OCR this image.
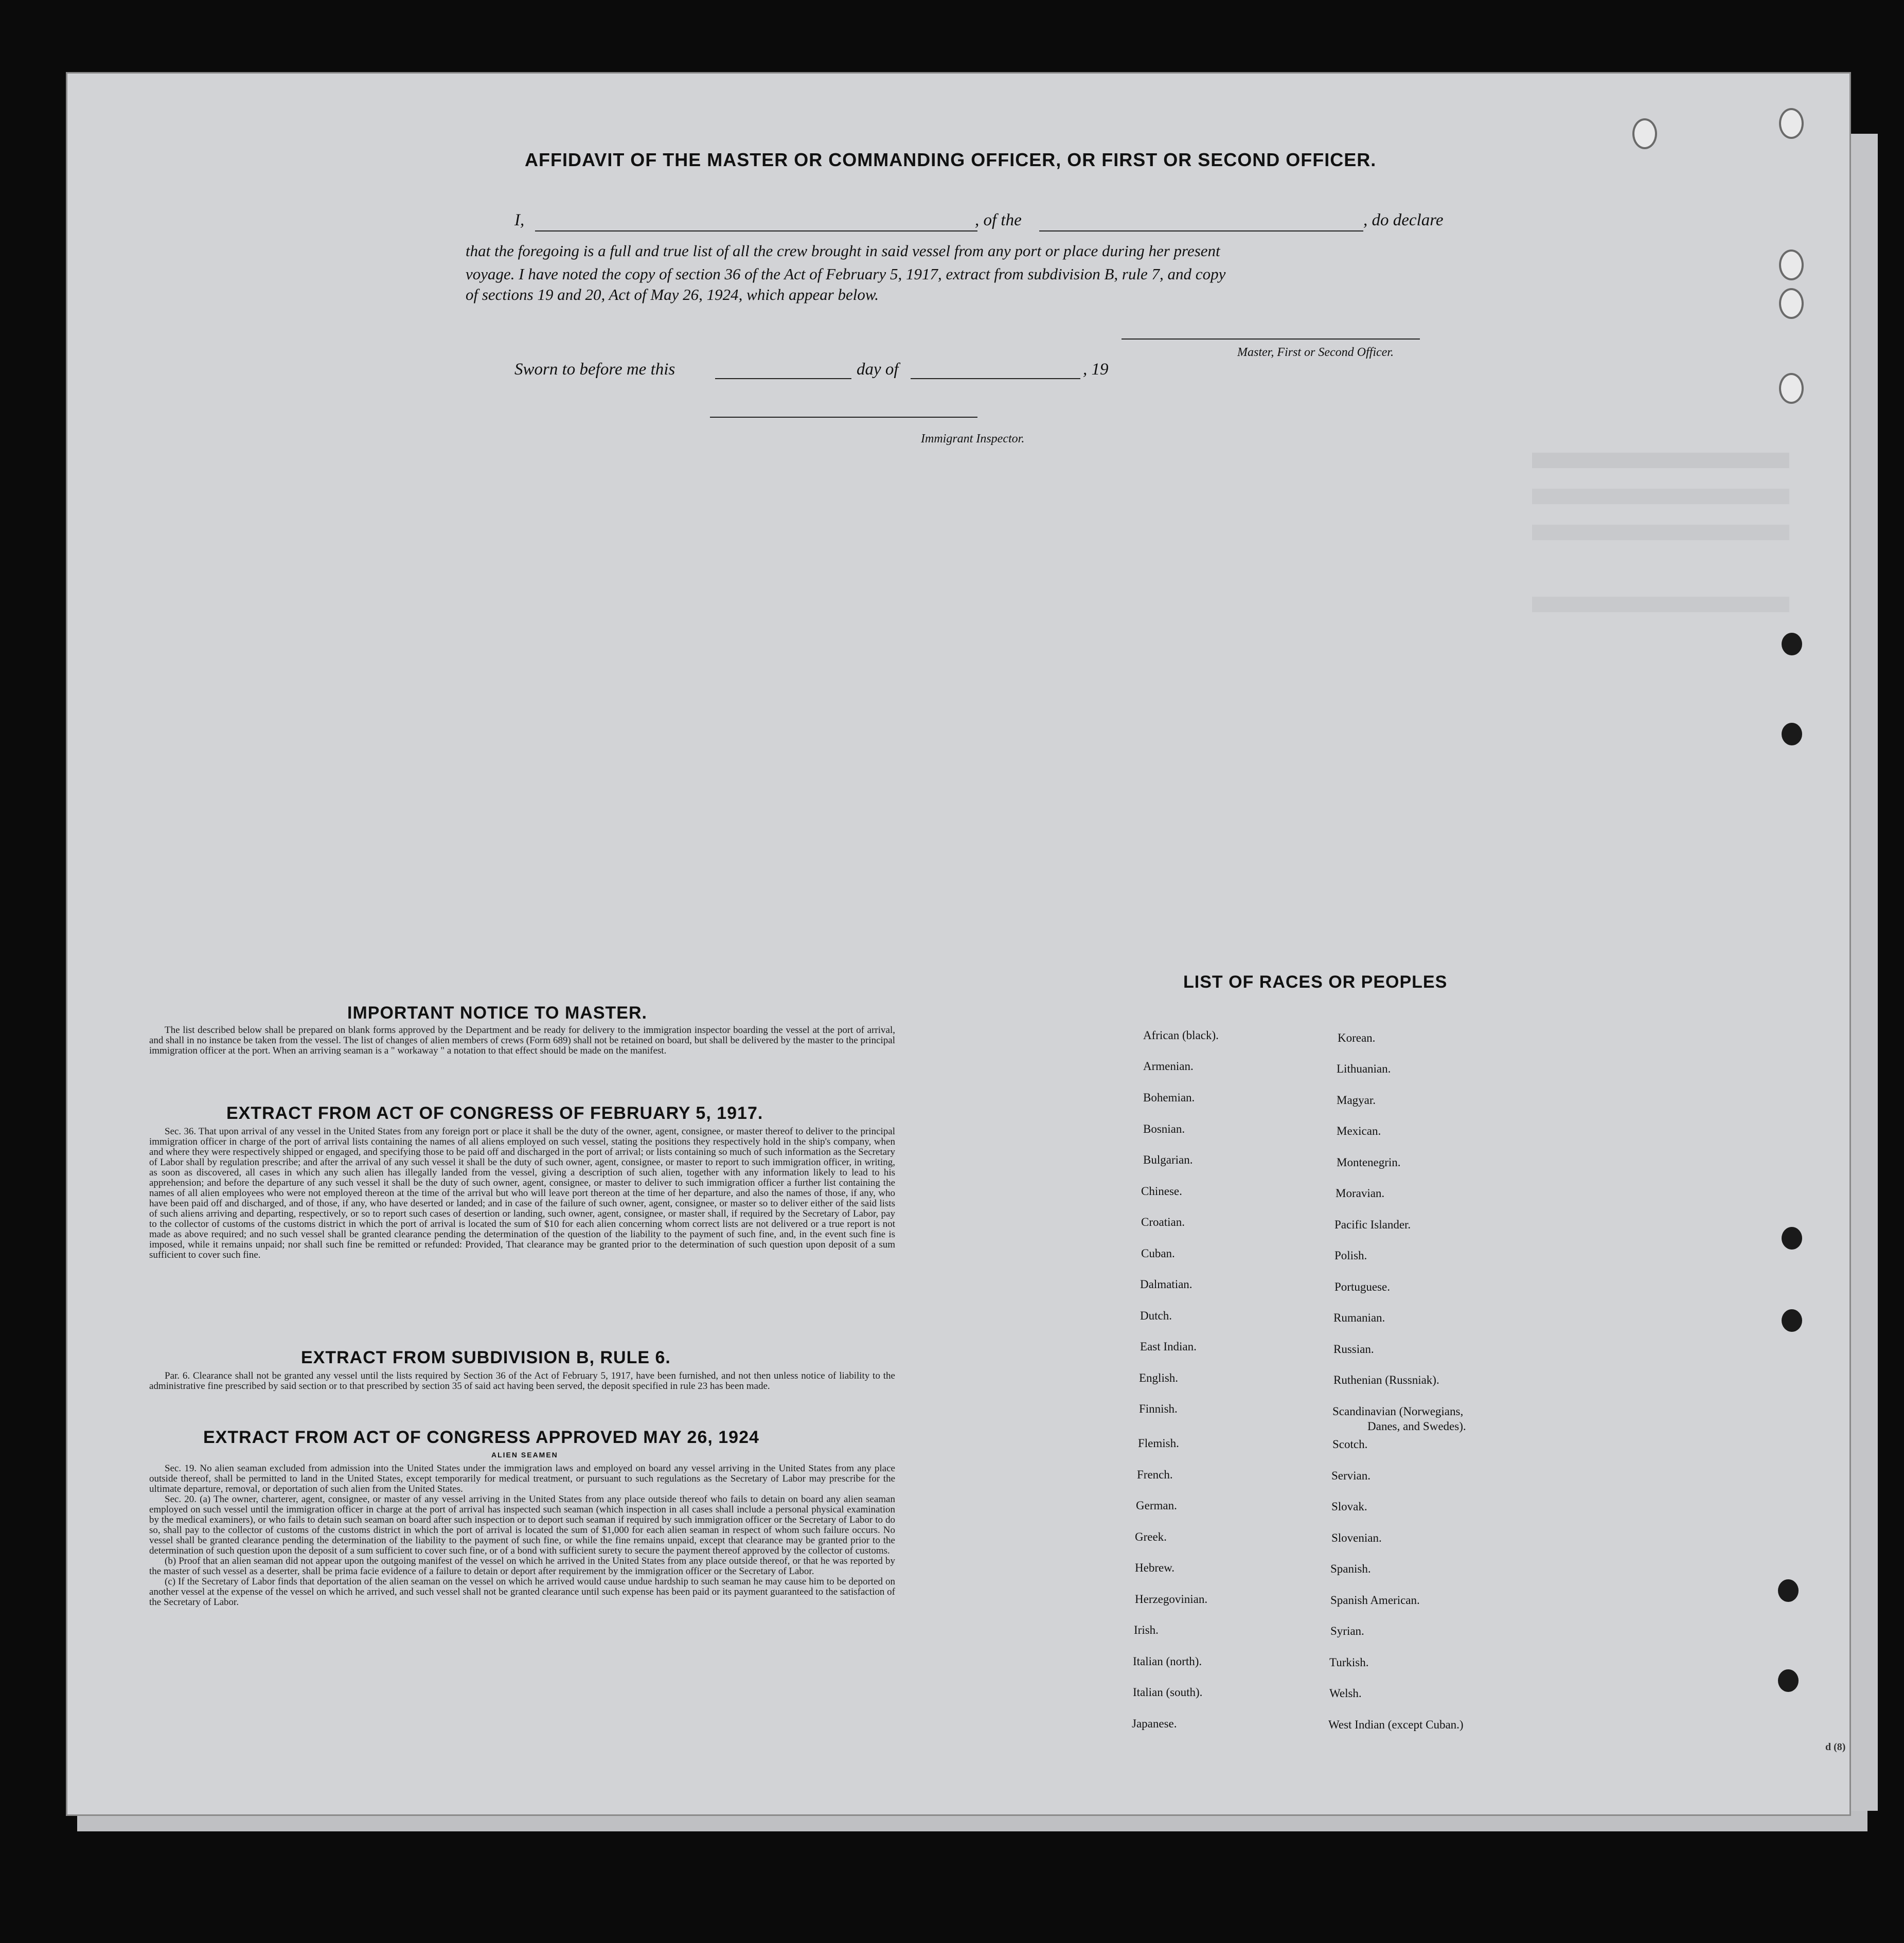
AFFIDAVIT OF THE MASTER OR COMMANDING OFFICER, OR FIRST OR SECOND OFFICER.
I,	, of the	, do declare
that the foregoing is a full and true list of all the crew brought in said vessel from any port or place during her present
voyage. I have noted the copy of section 36 of the Act of February 5, 1917, extract from subdivision B, rule 7, and copy
of sections 19 and 20, Act of May 26, 1924, which appear below.
Master, First or Second Officer.
Sworn to before me this	day of	, 19
Immigrant Inspector.
IMPORTANT NOTICE TO MASTER.

The list described below shall be prepared on blank forms approved by the Department and be ready for delivery to the immigration inspector boarding the vessel at the port of arrival, and shall in no instance be taken from the vessel. The list of changes of alien members of crews (Form 689) shall not be retained on board, but shall be delivered by the master to the principal immigration officer at the port. When an arriving seaman is a " workaway " a notation to that effect should be made on the manifest.

EXTRACT FROM ACT OF CONGRESS OF FEBRUARY 5, 1917.

Sec. 36. That upon arrival of any vessel in the United States from any foreign port or place it shall be the duty of the owner, agent, consignee, or master thereof to deliver to the principal immigration officer in charge of the port of arrival lists containing the names of all aliens employed on such vessel, stating the positions they respectively hold in the ship's company, when and where they were respectively shipped or engaged, and specifying those to be paid off and discharged in the port of arrival; or lists containing so much of such information as the Secretary of Labor shall by regulation prescribe; and after the arrival of any such vessel it shall be the duty of such owner, agent, consignee, or master to report to such immigration officer, in writing, as soon as discovered, all cases in which any such alien has illegally landed from the vessel, giving a description of such alien, together with any information likely to lead to his apprehension; and before the departure of any such vessel it shall be the duty of such owner, agent, consignee, or master to deliver to such immigration officer a further list containing the names of all alien employees who were not employed thereon at the time of the arrival but who will leave port thereon at the time of her departure, and also the names of those, if any, who have been paid off and discharged, and of those, if any, who have deserted or landed; and in case of the failure of such owner, agent, consignee, or master so to deliver either of the said lists of such aliens arriving and departing, respectively, or so to report such cases of desertion or landing, such owner, agent, consignee, or master shall, if required by the Secretary of Labor, pay to the collector of customs of the customs district in which the port of arrival is located the sum of $10 for each alien concerning whom correct lists are not delivered or a true report is not made as above required; and no such vessel shall be granted clearance pending the determination of the question of the liability to the payment of such fine, and, in the event such fine is imposed, while it remains unpaid; nor shall such fine be remitted or refunded: Provided, That clearance may be granted prior to the determination of such question upon deposit of a sum sufficient to cover such fine.

EXTRACT FROM SUBDIVISION B, RULE 6.

Par. 6. Clearance shall not be granted any vessel until the lists required by Section 36 of the Act of February 5, 1917, have been furnished, and not then unless notice of liability to the administrative fine prescribed by said section or to that prescribed by section 35 of said act having been served, the deposit specified in rule 23 has been made.

EXTRACT FROM ACT OF CONGRESS APPROVED MAY 26, 1924
ALIEN SEAMEN

Sec. 19. No alien seaman excluded from admission into the United States under the immigration laws and employed on board any vessel arriving in the United States from any place outside thereof, shall be permitted to land in the United States, except temporarily for medical treatment, or pursuant to such regulations as the Secretary of Labor may prescribe for the ultimate departure, removal, or deportation of such alien from the United States.

Sec. 20. (a) The owner, charterer, agent, consignee, or master of any vessel arriving in the United States from any place outside thereof who fails to detain on board any alien seaman employed on such vessel until the immigration officer in charge at the port of arrival has inspected such seaman (which inspection in all cases shall include a personal physical examination by the medical examiners), or who fails to detain such seaman on board after such inspection or to deport such seaman if required by such immigration officer or the Secretary of Labor to do so, shall pay to the collector of customs of the customs district in which the port of arrival is located the sum of $1,000 for each alien seaman in respect of whom such failure occurs. No vessel shall be granted clearance pending the determination of the liability to the payment of such fine, or while the fine remains unpaid, except that clearance may be granted prior to the determination of such question upon the deposit of a sum sufficient to cover such fine, or of a bond with sufficient surety to secure the payment thereof approved by the collector of customs.

(b) Proof that an alien seaman did not appear upon the outgoing manifest of the vessel on which he arrived in the United States from any place outside thereof, or that he was reported by the master of such vessel as a deserter, shall be prima facie evidence of a failure to detain or deport after requirement by the immigration officer or the Secretary of Labor.

(c) If the Secretary of Labor finds that deportation of the alien seaman on the vessel on which he arrived would cause undue hardship to such seaman he may cause him to be deported on another vessel at the expense of the vessel on which he arrived, and such vessel shall not be granted clearance until such expense has been paid or its payment guaranteed to the satisfaction of the Secretary of Labor.

LIST OF RACES OR PEOPLES
African (black).
Armenian.
Bohemian.
Bosnian.
Bulgarian.
Chinese.
Croatian.
Cuban.
Dalmatian.
Dutch.
East Indian.
English.
Finnish.
Flemish.
French.
German.
Greek.
Hebrew.
Herzegovinian.
Irish.
Italian (north).
Italian (south).
Japanese.
Korean.
Lithuanian.
Magyar.
Mexican.
Montenegrin.
Moravian.
Pacific Islander.
Polish.
Portuguese.
Rumanian.
Russian.
Ruthenian (Russniak).
Scandinavian (Norwegians,
Danes, and Swedes).
Scotch.
Servian.
Slovak.
Slovenian.
Spanish.
Spanish American.
Syrian.
Turkish.
Welsh.
West Indian (except Cuban.)
d (8)
